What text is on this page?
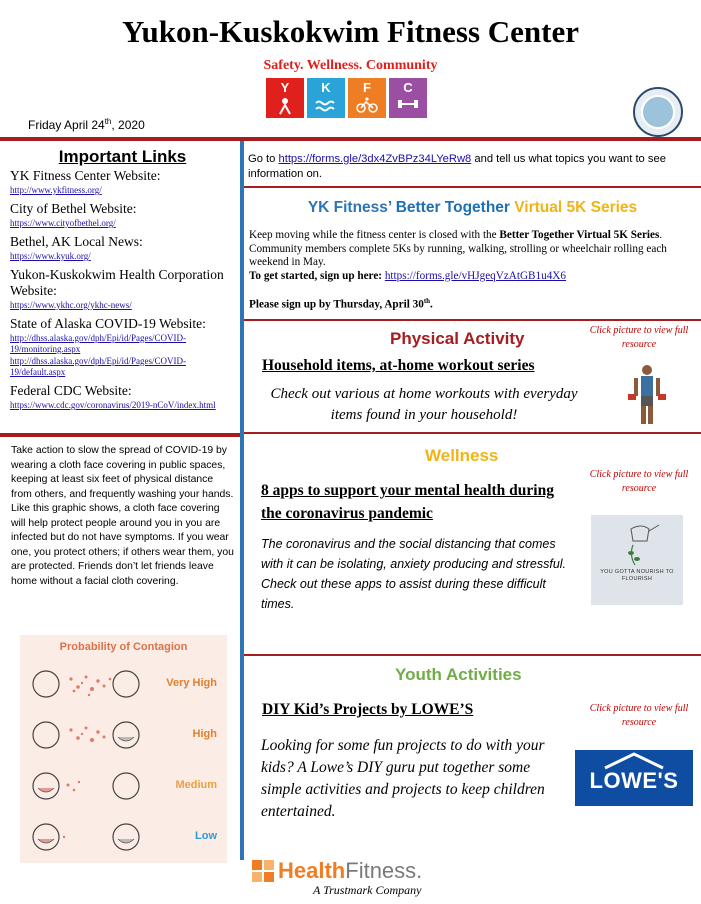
Yukon-Kuskokwim Fitness Center
Safety. Wellness. Community
Y K F C
Friday April 24th, 2020
Important Links
YK Fitness Center Website:
http://www.ykfitness.org/
City of Bethel Website:
https://www.cityofbethel.org/
Bethel, AK Local News:
https://www.kyuk.org/
Yukon-Kuskokwim Health Corporation Website:
https://www.ykhc.org/ykhc-news/
State of Alaska COVID-19 Website:
http://dhss.alaska.gov/dph/Epi/id/Pages/COVID-19/monitoring.aspx
http://dhss.alaska.gov/dph/Epi/id/Pages/COVID-19/default.aspx
Federal CDC Website:
https://www.cdc.gov/coronavirus/2019-nCoV/index.html
Take action to slow the spread of COVID-19 by wearing a cloth face covering in public spaces, keeping at least six feet of physical distance from others, and frequently washing your hands. Like this graphic shows, a cloth face covering will help protect people around you in you are infected but do not have symptoms. If you wear one, you protect others; if others wear them, you are protected. Friends don’t let friends leave home without a facial cloth covering.
Probability of Contagion
Very High
High
Medium
Low
Go to https://forms.gle/3dx4ZvBPz34LYeRw8 and tell us what topics you want to see information on.
YK Fitness’ Better Together Virtual 5K Series
Keep moving while the fitness center is closed with the Better Together Virtual 5K Series. Community members complete 5Ks by running, walking, strolling or wheelchair rolling each weekend in May.
To get started, sign up here: https://forms.gle/vHJgeqVzAtGB1u4X6
Please sign up by Thursday, April 30th.
Physical Activity	Click picture to view full resource
Household items, at-home workout series
Check out various at home workouts with everyday items found in your household!
Wellness
Click picture to view full resource
8 apps to support your mental health during the coronavirus pandemic
The coronavirus and the social distancing that comes with it can be isolating, anxiety producing and stressful. Check out these apps to assist during these difficult times.
YOU GOTTA NOURISH TO FLOURISH
Youth Activities
Click picture to view full resource
DIY Kid’s Projects by LOWE’S
Looking for some fun projects to do with your kids? A Lowe’s DIY guru put together some simple activities and projects to keep children entertained.
LOWE'S
HealthFitness.
A Trustmark Company
